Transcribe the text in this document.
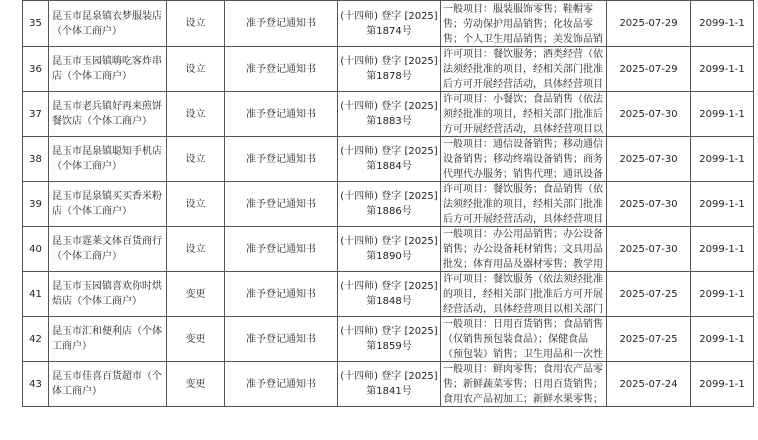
35	昆玉市昆泉镇衣梦服装店（个体工商户）	设立	准予登记通知书	(十四师) 登字 [2025]第1874号	一般项目：服装服饰零售；鞋帽零售；劳动保护用品销售；化妆品零售；个人卫生用品销售；美发饰品销	2025-07-29	2099-1-1
36	昆玉市玉园镇嗨吃客炸串店（个体工商户）	设立	准予登记通知书	(十四师) 登字 [2025]第1878号	许可项目：餐饮服务；酒类经营（依法须经批准的项目，经相关部门批准后方可开展经营活动，具体经营项目	2025-07-29	2099-1-1
37	昆玉市老兵镇好再来煎饼餐饮店（个体工商户）	设立	准予登记通知书	(十四师) 登字 [2025]第1883号	许可项目：小餐饮；食品销售（依法须经批准的项目，经相关部门批准后方可开展经营活动，具体经营项目以	2025-07-30	2099-1-1
38	昆玉市昆泉镇聪知手机店（个体工商户）	设立	准予登记通知书	(十四师) 登字 [2025]第1884号	一般项目：通信设备销售；移动通信设备销售；移动终端设备销售；商务代理代办服务；销售代理；通讯设备	2025-07-30	2099-1-1
39	昆玉市昆泉镇买买香米粉店（个体工商户）	设立	准予登记通知书	(十四师) 登字 [2025]第1886号	许可项目：餐饮服务；食品销售（依法须经批准的项目，经相关部门批准后方可开展经营活动，具体经营项目	2025-07-30	2099-1-1
40	昆玉市霆莱文体百货商行（个体工商户）	设立	准予登记通知书	(十四师) 登字 [2025]第1890号	一般项目：办公用品销售；办公设备销售；办公设备耗材销售；文具用品批发；体育用品及器材零售；教学用	2025-07-30	2099-1-1
41	昆玉市玉园镇喜欢你时烘焙店（个体工商户）	变更	准予登记通知书	(十四师) 登字 [2025]第1848号	许可项目：餐饮服务（依法须经批准的项目，经相关部门批准后方可开展经营活动，具体经营项目以相关部门	2025-07-25	2099-1-1
42	昆玉市汇和便利店（个体工商户）	变更	准予登记通知书	(十四师) 登字 [2025]第1859号	一般项目：日用百货销售；食品销售（仅销售预包装食品）；保健食品（预包装）销售；卫生用品和一次性	2025-07-25	2099-1-1
43	昆玉市佳喜百货超市（个体工商户）	变更	准予登记通知书	(十四师) 登字 [2025]第1841号	一般项目：鲜肉零售；食用农产品零售；新鲜蔬菜零售；日用百货销售；食用农产品初加工；新鲜水果零售；	2025-07-24	2099-1-1
